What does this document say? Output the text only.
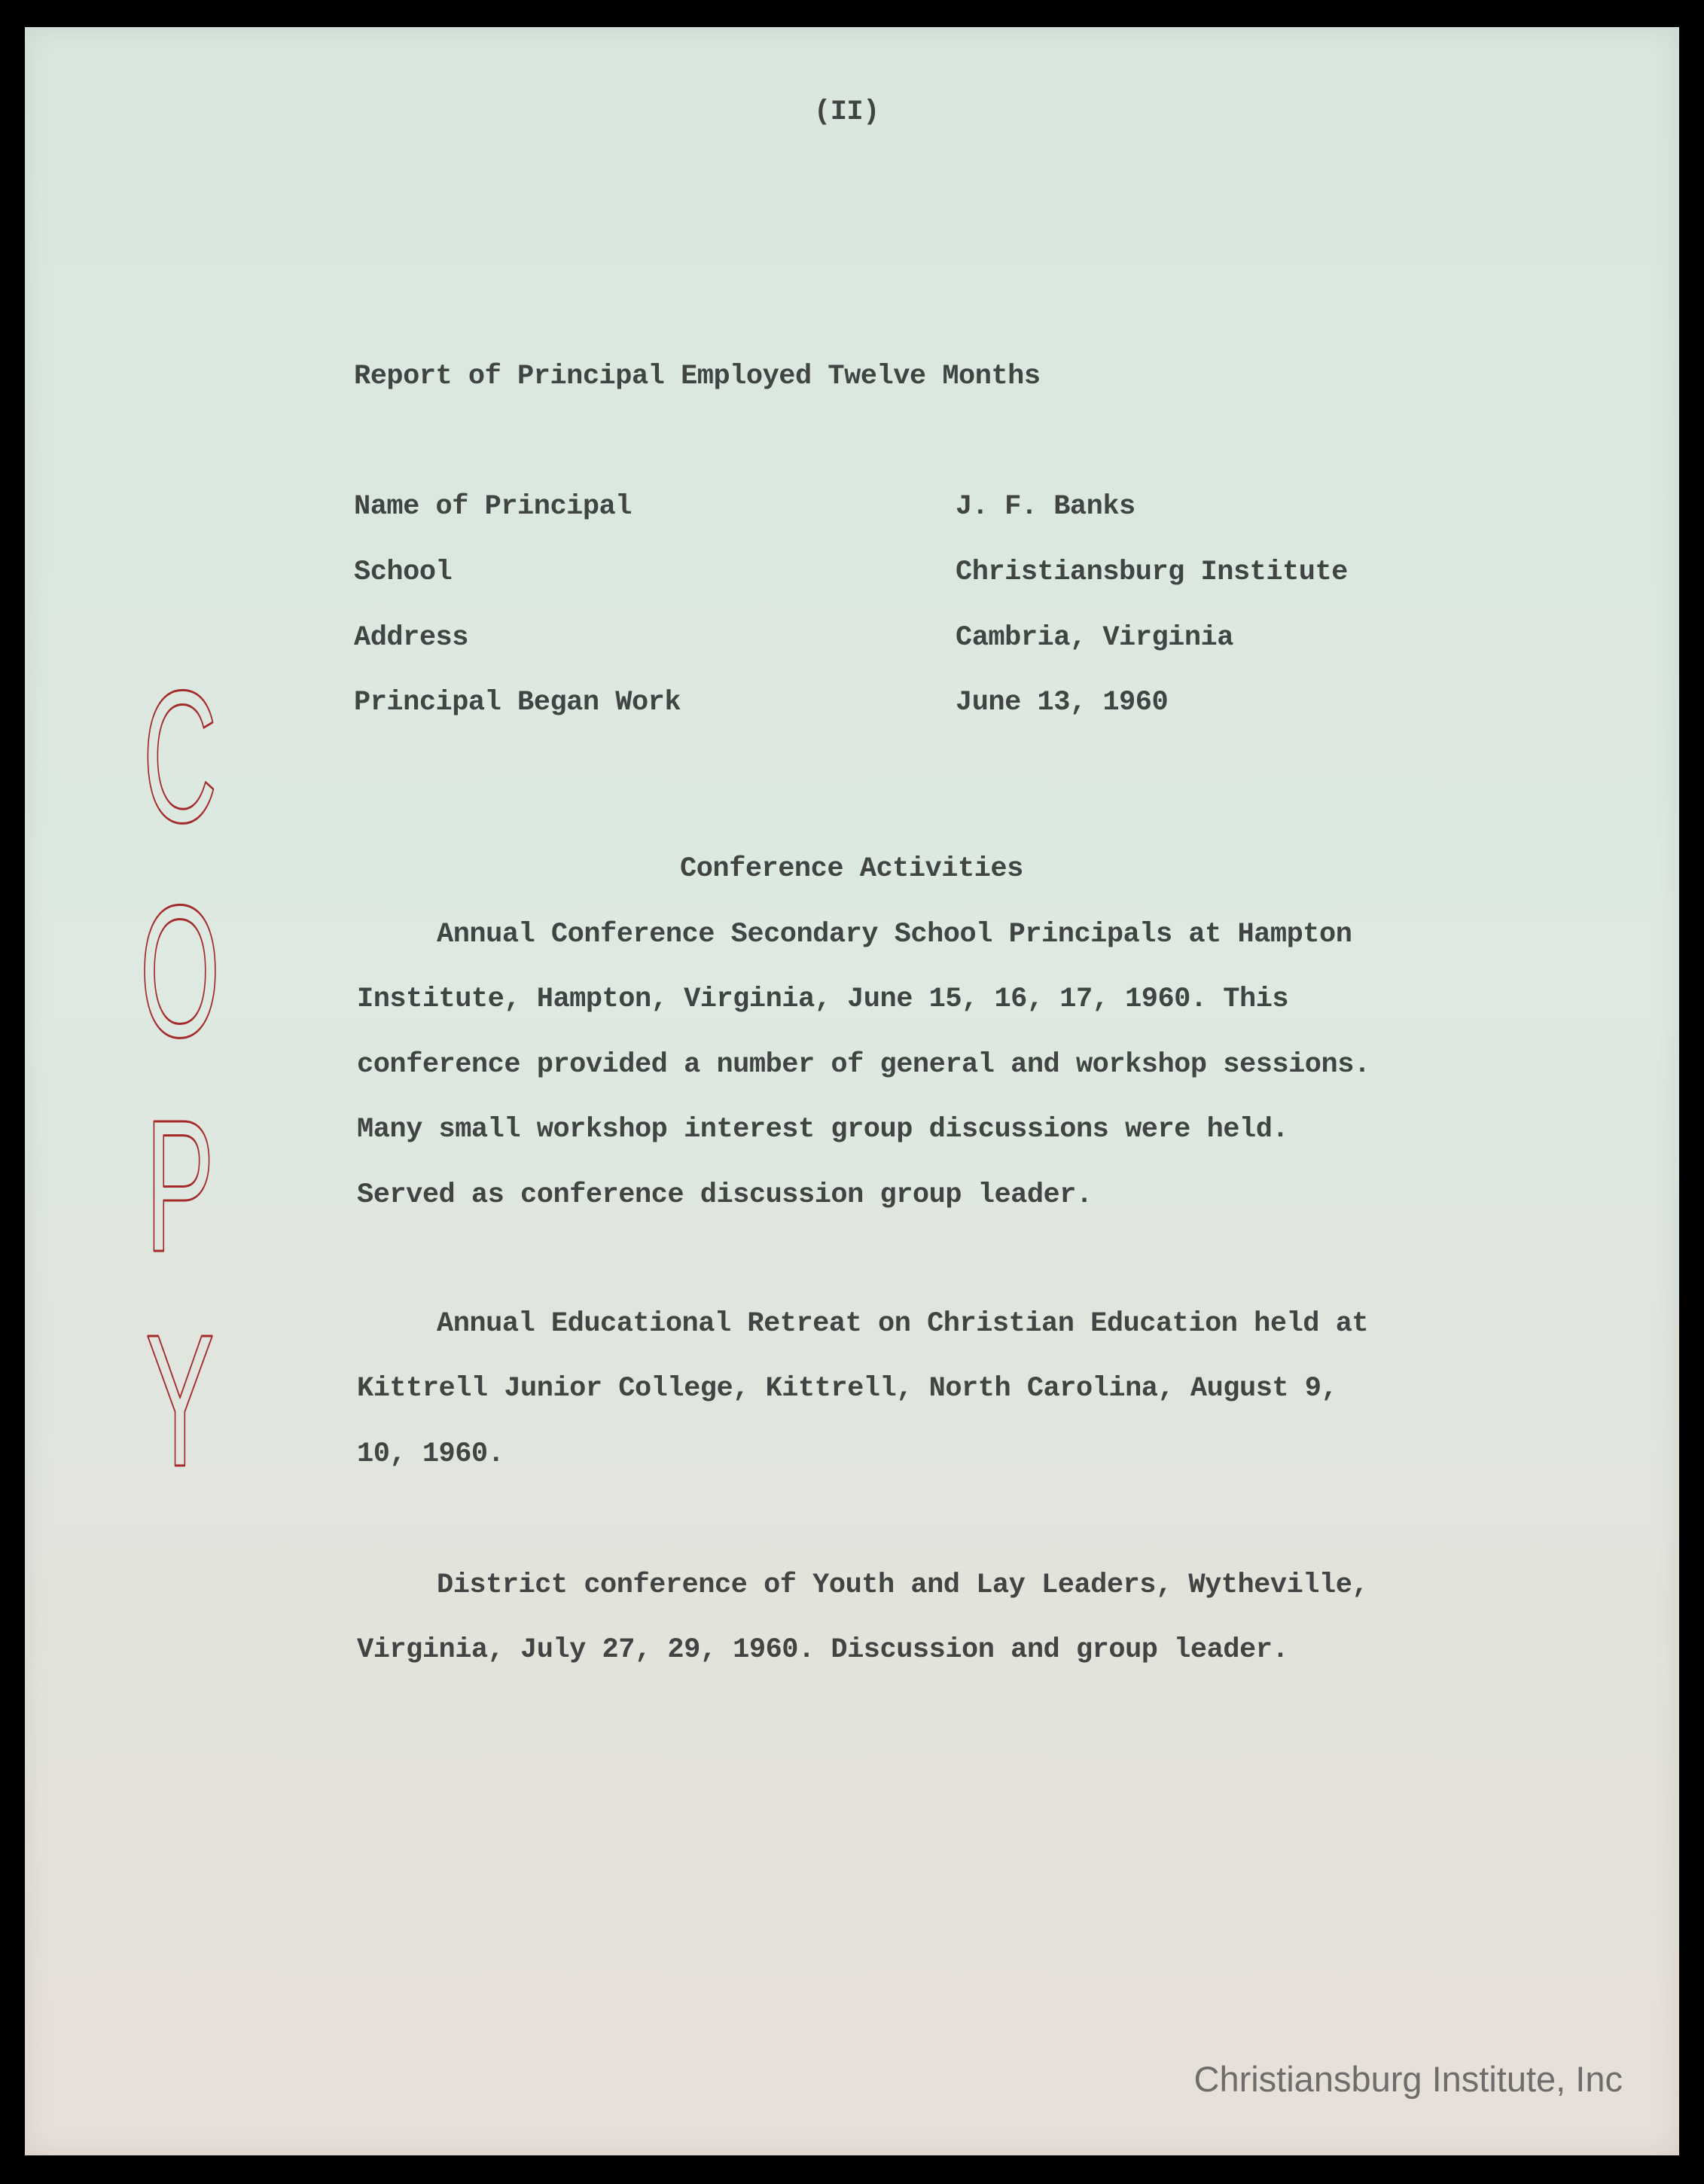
(II)
Report of Principal Employed Twelve Months
Name of Principal	J. F. Banks
School	Christiansburg Institute
Address	Cambria, Virginia
Principal Began Work	June 13, 1960
Conference Activities
Annual Conference Secondary School Principals at Hampton
Institute, Hampton, Virginia, June 15, 16, 17, 1960. This
conference provided a number of general and workshop sessions.
Many small workshop interest group discussions were held.
Served as conference discussion group leader.
Annual Educational Retreat on Christian Education held at
Kittrell Junior College, Kittrell, North Carolina, August 9,
10, 1960.
District conference of Youth and Lay Leaders, Wytheville,
Virginia, July 27, 29, 1960. Discussion and group leader.
C
O
P
Y
Christiansburg Institute, Inc
